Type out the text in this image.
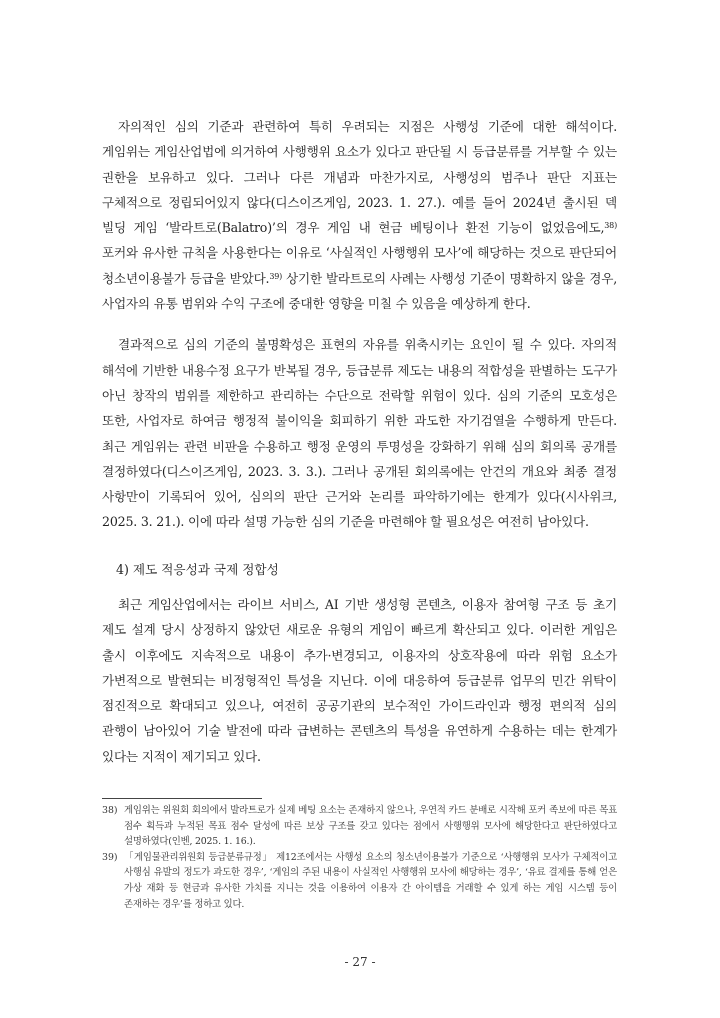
자의적인 심의 기준과 관련하여 특히 우려되는 지점은 사행성 기준에 대한 해석이다. 게임위는 게임산업법에 의거하여 사행행위 요소가 있다고 판단될 시 등급분류를 거부할 수 있는 권한을 보유하고 있다. 그러나 다른 개념과 마찬가지로, 사행성의 범주나 판단 지표는 구체적으로 정립되어있지 않다(디스이즈게임, 2023. 1. 27.). 예를 들어 2024년 출시된 덱 빌딩 게임 ‘발라트로(Balatro)’의 경우 게임 내 현금 베팅이나 환전 기능이 없었음에도,$^{38)}$ 포커와 유사한 규칙을 사용한다는 이유로 ‘사실적인 사행행위 모사’에 해당하는 것으로 판단되어 청소년이용불가 등급을 받았다.$^{39)}$ 상기한 발라트로의 사례는 사행성 기준이 명확하지 않을 경우, 사업자의 유통 범위와 수익 구조에 중대한 영향을 미칠 수 있음을 예상하게 한다.

결과적으로 심의 기준의 불명확성은 표현의 자유를 위축시키는 요인이 될 수 있다. 자의적 해석에 기반한 내용수정 요구가 반복될 경우, 등급분류 제도는 내용의 적합성을 판별하는 도구가 아닌 창작의 범위를 제한하고 관리하는 수단으로 전락할 위험이 있다. 심의 기준의 모호성은 또한, 사업자로 하여금 행정적 불이익을 회피하기 위한 과도한 자기검열을 수행하게 만든다. 최근 게임위는 관련 비판을 수용하고 행정 운영의 투명성을 강화하기 위해 심의 회의록 공개를 결정하였다(디스이즈게임, 2023. 3. 3.). 그러나 공개된 회의록에는 안건의 개요와 최종 결정 사항만이 기록되어 있어, 심의의 판단 근거와 논리를 파악하기에는 한계가 있다(시사위크, 2025. 3. 21.). 이에 따라 설명 가능한 심의 기준을 마련해야 할 필요성은 여전히 남아있다.

4) 제도 적응성과 국제 정합성

최근 게임산업에서는 라이브 서비스, AI 기반 생성형 콘텐츠, 이용자 참여형 구조 등 초기 제도 설계 당시 상정하지 않았던 새로운 유형의 게임이 빠르게 확산되고 있다. 이러한 게임은 출시 이후에도 지속적으로 내용이 추가·변경되고, 이용자의 상호작용에 따라 위험 요소가 가변적으로 발현되는 비정형적인 특성을 지닌다. 이에 대응하여 등급분류 업무의 민간 위탁이 점진적으로 확대되고 있으나, 여전히 공공기관의 보수적인 가이드라인과 행정 편의적 심의 관행이 남아있어 기술 발전에 따라 급변하는 콘텐츠의 특성을 유연하게 수용하는 데는 한계가 있다는 지적이 제기되고 있다.

38) 게임위는 위원회 회의에서 발라트로가 실제 베팅 요소는 존재하지 않으나, 우연적 카드 분배로 시작해 포커 족보에 따른 목표 점수 획득과 누적된 목표 점수 달성에 따른 보상 구조를 갖고 있다는 점에서 사행행위 모사에 해당한다고 판단하였다고 설명하였다(인벤, 2025. 1. 16.).
39) 「게임물관리위원회 등급분류규정」 제12조에서는 사행성 요소의 청소년이용불가 기준으로 ‘사행행위 모사가 구체적이고 사행심 유발의 정도가 과도한 경우’, ‘게임의 주된 내용이 사실적인 사행행위 모사에 해당하는 경우’, ‘유료 결제를 통해 얻은 가상 재화 등 현금과 유사한 가치를 지니는 것을 이용하여 이용자 간 아이템을 거래할 수 있게 하는 게임 시스템 등이 존재하는 경우’를 정하고 있다.
- 27 -
